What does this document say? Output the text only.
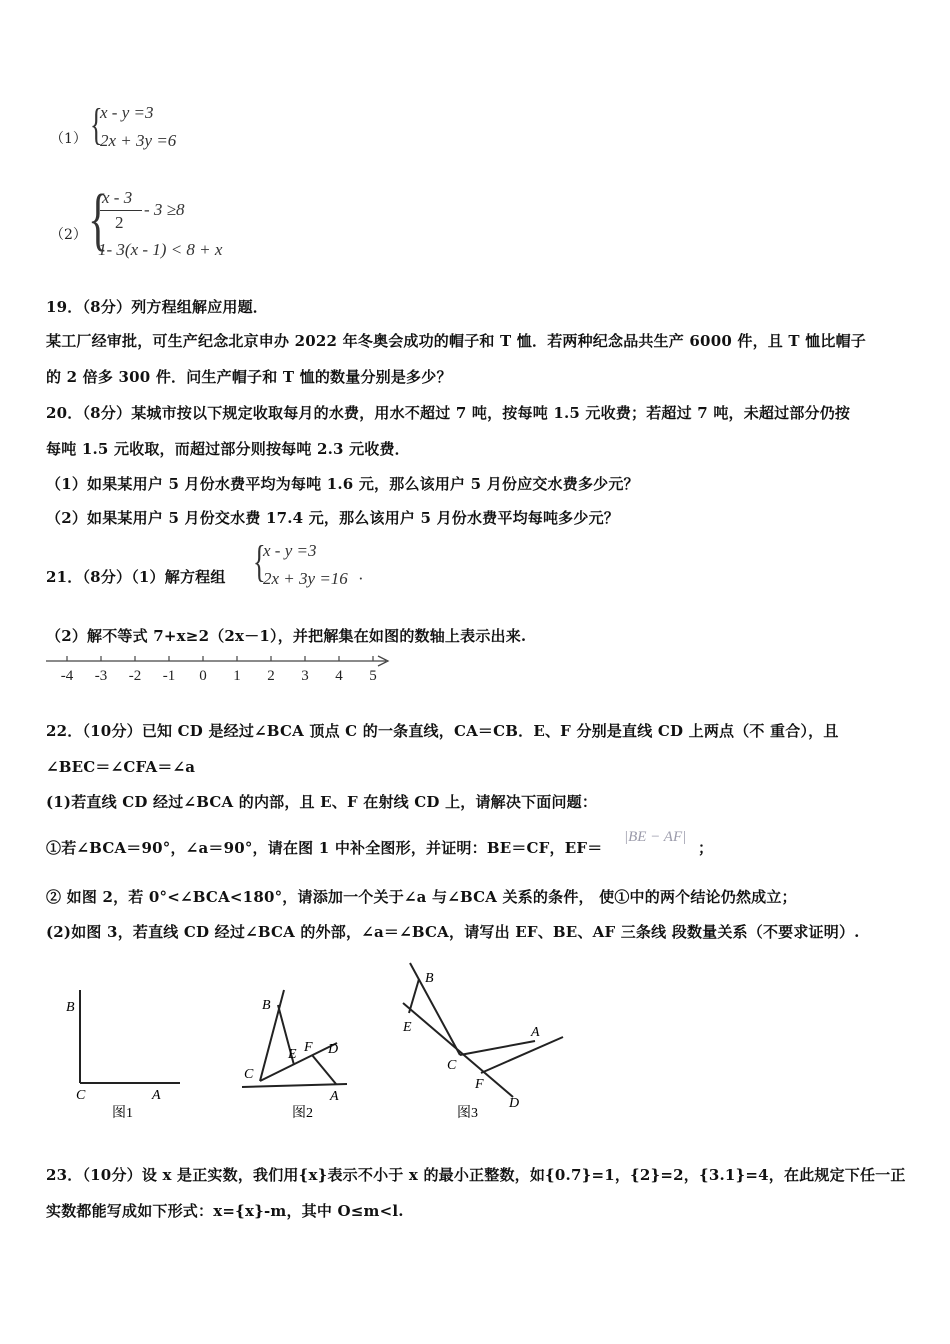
（1） {
x - y =3
2x + 3y =6
（2） {
x - 3
2
- 3 ≥8
1- 3(x - 1) < 8 + x
19．（8分）列方程组解应用题．
某工厂经审批，可生产纪念北京申办 2022 年冬奥会成功的帽子和 T 恤．若两种纪念品共生产 6000 件，且 T 恤比帽子
的 2 倍多 300 件．问生产帽子和 T 恤的数量分别是多少？
20．（8分）某城市按以下规定收取每月的水费，用水不超过 7 吨，按每吨 1.5 元收费；若超过 7 吨，未超过部分仍按
每吨 1.5 元收取，而超过部分则按每吨 2.3 元收费．
（1）如果某用户 5 月份水费平均为每吨 1.6 元，那么该用户 5 月份应交水费多少元？
（2）如果某用户 5 月份交水费 17.4 元，那么该用户 5 月份水费平均每吨多少元？
21．（8分）（1）解方程组 {
x - y =3
2x + 3y =16 ·
（2）解不等式 7+x≥2（2x－1），并把解集在如图的数轴上表示出来.
-4 -3 -2 -1 0 1 2 3 4 5
22．（10分）已知 CD 是经过∠BCA 顶点 C 的一条直线，CA＝CB．E、F 分别是直线 CD 上两点（不 重合），且
∠BEC＝∠CFA＝∠a
(1)若直线 CD 经过∠BCA 的内部，且 E、F 在射线 CD 上，请解决下面问题：
①若∠BCA＝90°，∠a＝90°，请在图 1 中补全图形，并证明：BE＝CF，EF＝
|BE − AF|
；
② 如图 2，若 0°<∠BCA<180°，请添加一个关于∠a 与∠BCA 关系的条件， 使①中的两个结论仍然成立；
(2)如图 3，若直线 CD 经过∠BCA 的外部，∠a＝∠BCA，请写出 EF、BE、AF 三条线 段数量关系（不要求证明）.
B
C	A
图1
B
E F D
C
A
图2
B
E	A
C
F
D
图3
23．（10分）设 x 是正实数，我们用{x}表示不小于 x 的最小正整数，如{0.7}=1，{2}=2，{3.1}=4，在此规定下任一正
实数都能写成如下形式：x={x}-m，其中 O≤m<l.
